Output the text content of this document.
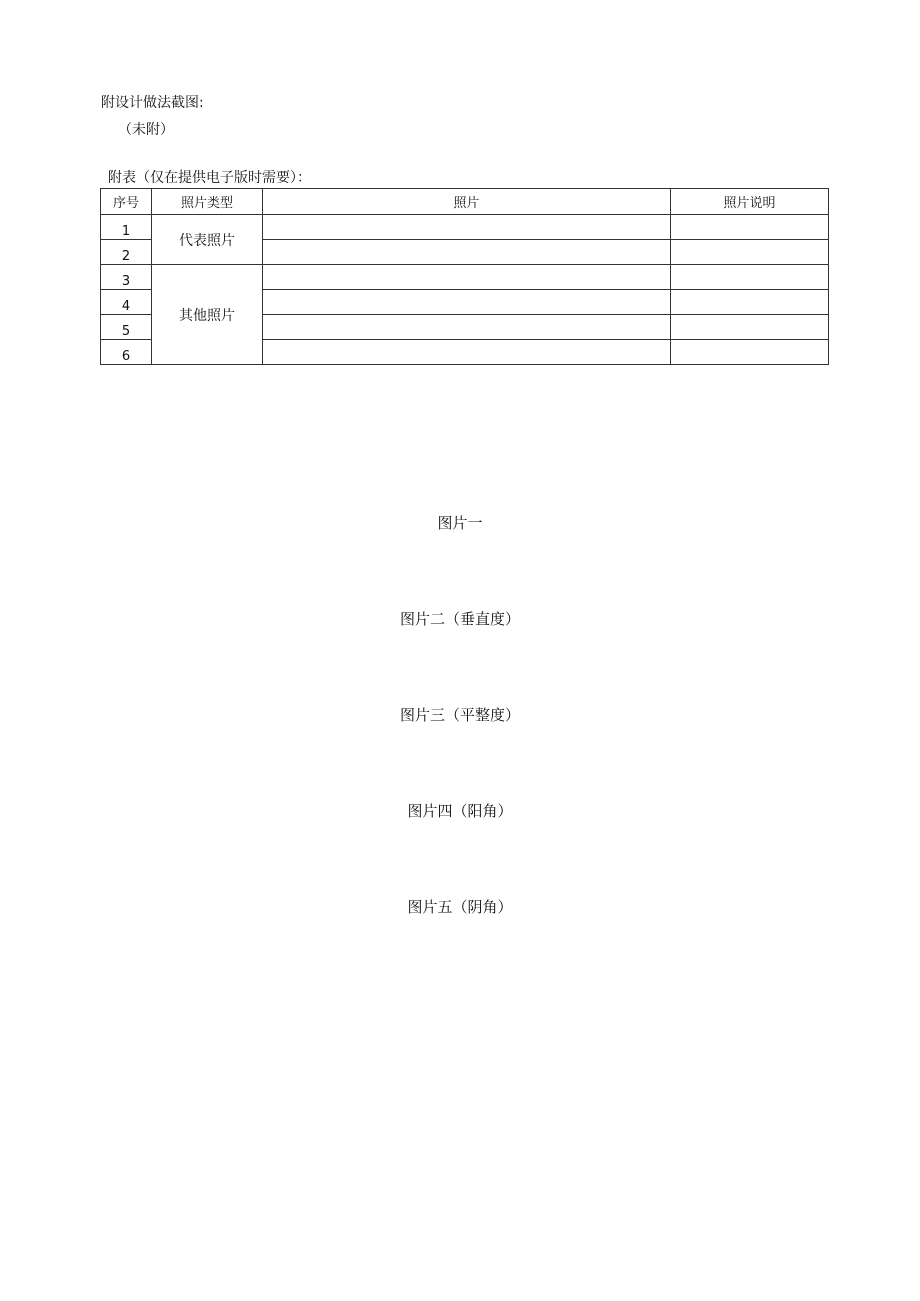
附设计做法截图:
（未附）
附表（仅在提供电子版时需要）：
序号	照片类型	照片	照片说明
1	代表照片		
2			
3	其他照片		
4			
5			
6			
图片一
图片二（垂直度）
图片三（平整度）
图片四（阳角）
图片五（阴角）
